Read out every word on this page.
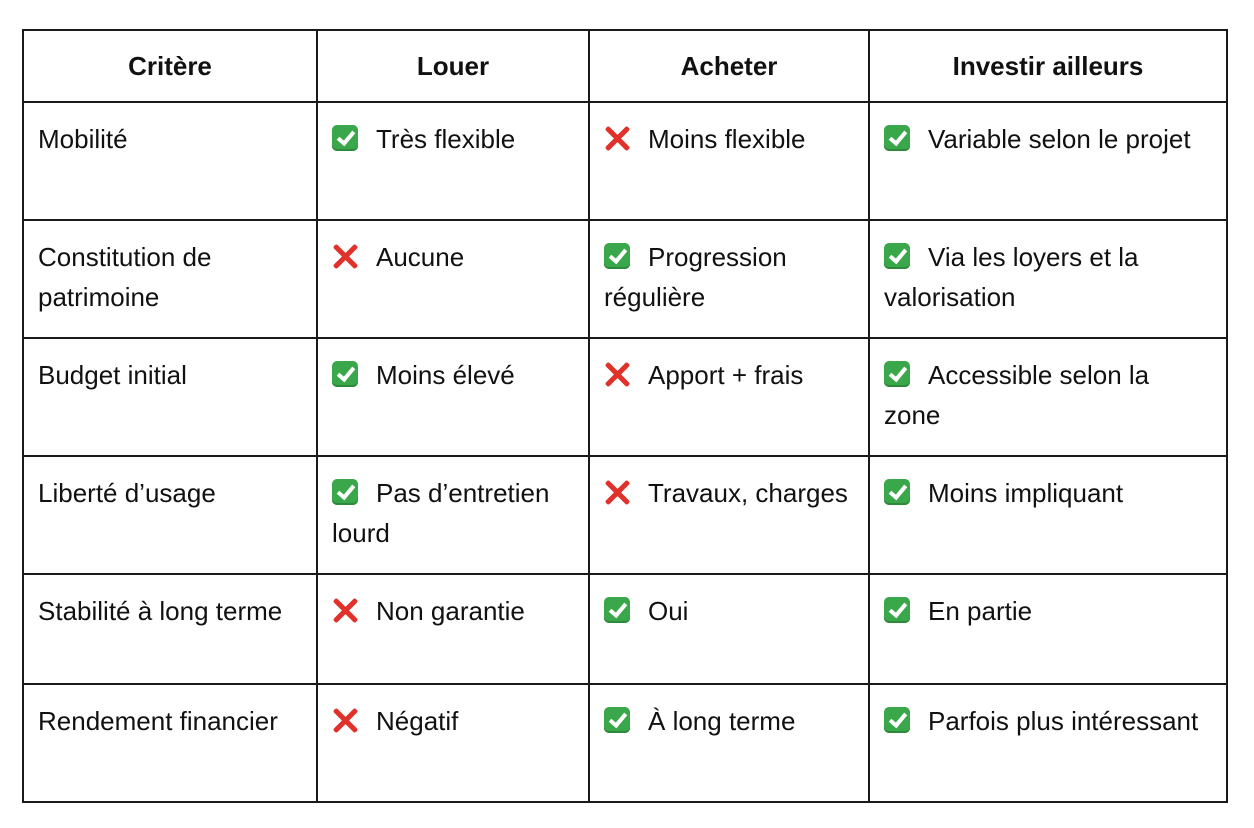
Critère	Louer	Acheter	Investir ailleurs
Mobilité	Très flexible	Moins flexible	Variable selon le projet
Constitution de patrimoine	Aucune	Progression régulière	Via les loyers et la valorisation
Budget initial	Moins élevé	Apport + frais	Accessible selon la zone
Liberté d’usage	Pas d’entretien lourd	Travaux, charges	Moins impliquant
Stabilité à long terme	Non garantie	Oui	En partie
Rendement financier	Négatif	À long terme	Parfois plus intéressant
